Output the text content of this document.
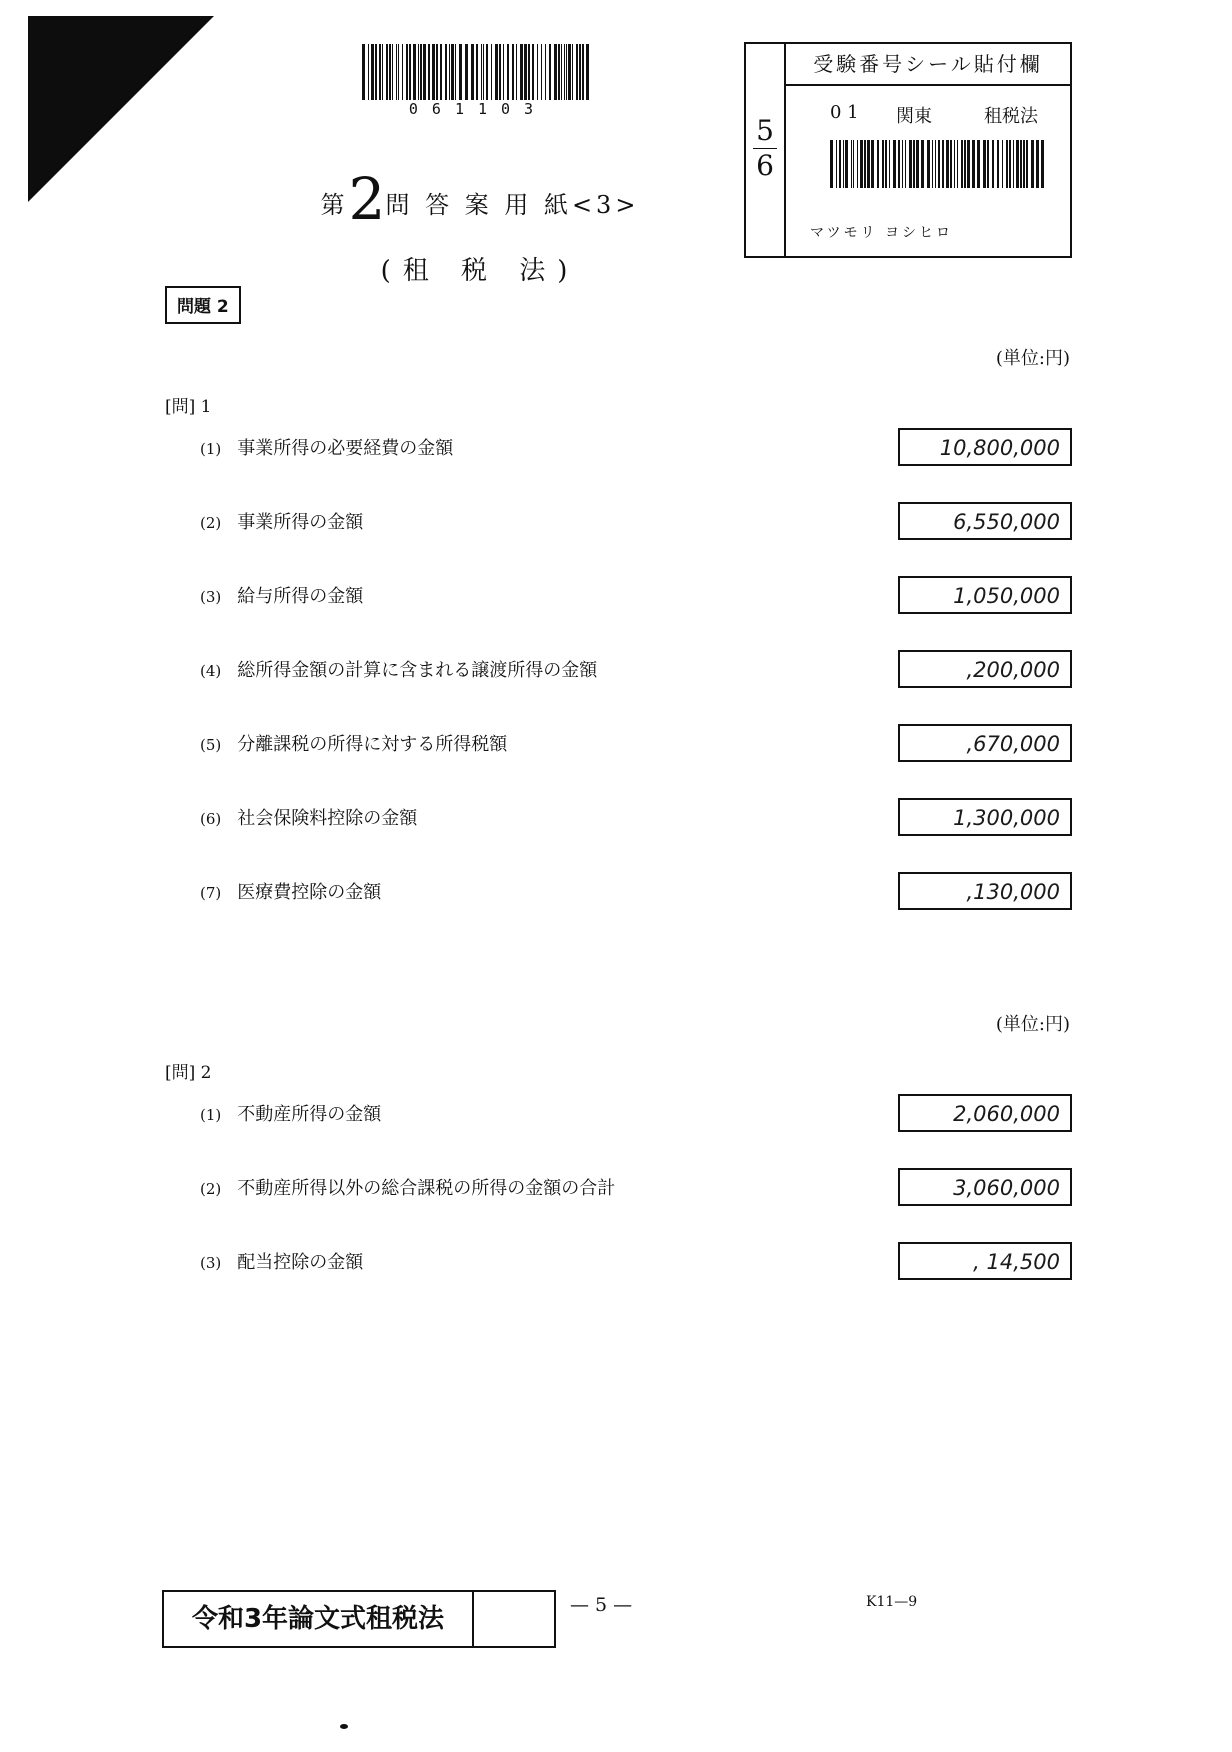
061103
第2問 答 案 用 紙<3>
(租 税 法)
5
6
受験番号シール貼付欄
0 1 関東	租税法
マツモリ ヨシヒロ
問題 2
(単位:円)
[問] 1
(1) 事業所得の必要経費の金額	10,800,000
(2) 事業所得の金額	6,550,000
(3) 給与所得の金額	1,050,000
(4) 総所得金額の計算に含まれる譲渡所得の金額	,200,000
(5) 分離課税の所得に対する所得税額	,670,000
(6) 社会保険料控除の金額	1,300,000
(7) 医療費控除の金額	,130,000
(単位:円)
[問] 2
(1) 不動産所得の金額	2,060,000
(2) 不動産所得以外の総合課税の所得の金額の合計	3,060,000
(3) 配当控除の金額	, 14,500
令和3年論文式租税法	— 5 —	K11—9
